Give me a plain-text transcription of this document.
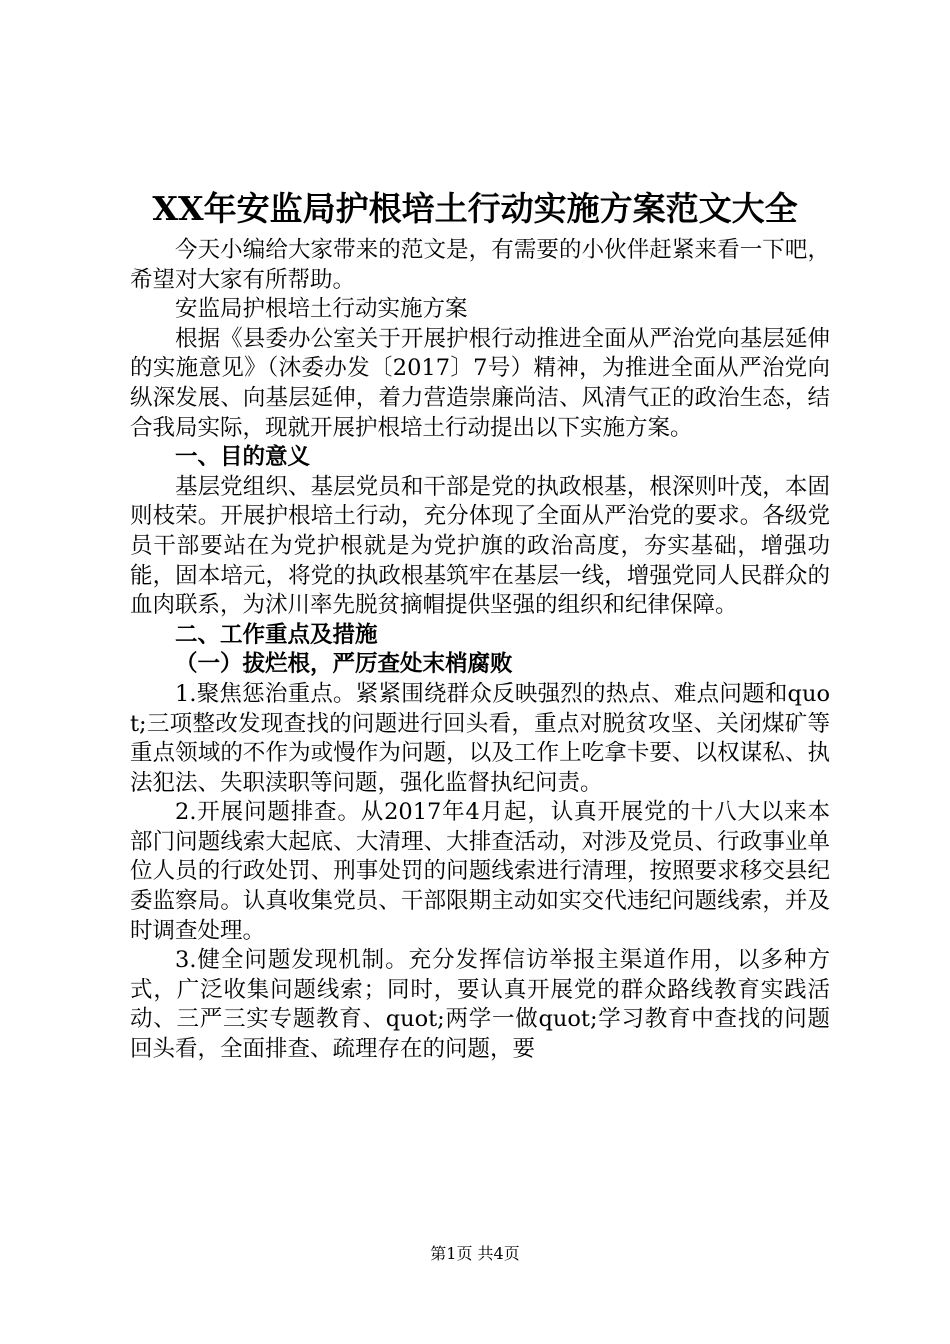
XX年安监局护根培土行动实施方案范文大全

今天小编给大家带来的范文是，有需要的小伙伴赶紧来看一下吧，希望对大家有所帮助。

安监局护根培土行动实施方案

根据《县委办公室关于开展护根行动推进全面从严治党向基层延伸的实施意见》（沐委办发〔2017〕7号）精神，为推进全面从严治党向纵深发展、向基层延伸，着力营造崇廉尚洁、风清气正的政治生态，结合我局实际，现就开展护根培土行动提出以下实施方案。

一、目的意义

基层党组织、基层党员和干部是党的执政根基，根深则叶茂，本固则枝荣。开展护根培土行动，充分体现了全面从严治党的要求。各级党员干部要站在为党护根就是为党护旗的政治高度，夯实基础，增强功能，固本培元，将党的执政根基筑牢在基层一线，增强党同人民群众的血肉联系，为沭川率先脱贫摘帽提供坚强的组织和纪律保障。

二、工作重点及措施

（一）拔烂根，严厉查处末梢腐败

1.聚焦惩治重点。紧紧围绕群众反映强烈的热点、难点问题和quot;三项整改发现查找的问题进行回头看，重点对脱贫攻坚、关闭煤矿等重点领域的不作为或慢作为问题，以及工作上吃拿卡要、以权谋私、执法犯法、失职渎职等问题，强化监督执纪问责。

2.开展问题排查。从2017年4月起，认真开展党的十八大以来本部门问题线索大起底、大清理、大排查活动，对涉及党员、行政事业单位人员的行政处罚、刑事处罚的问题线索进行清理，按照要求移交县纪委监察局。认真收集党员、干部限期主动如实交代违纪问题线索，并及时调查处理。

3.健全问题发现机制。充分发挥信访举报主渠道作用，以多种方式，广泛收集问题线索；同时，要认真开展党的群众路线教育实践活动、三严三实专题教育、quot;两学一做quot;学习教育中查找的问题回头看，全面排查、疏理存在的问题，要

第1页 共4页
